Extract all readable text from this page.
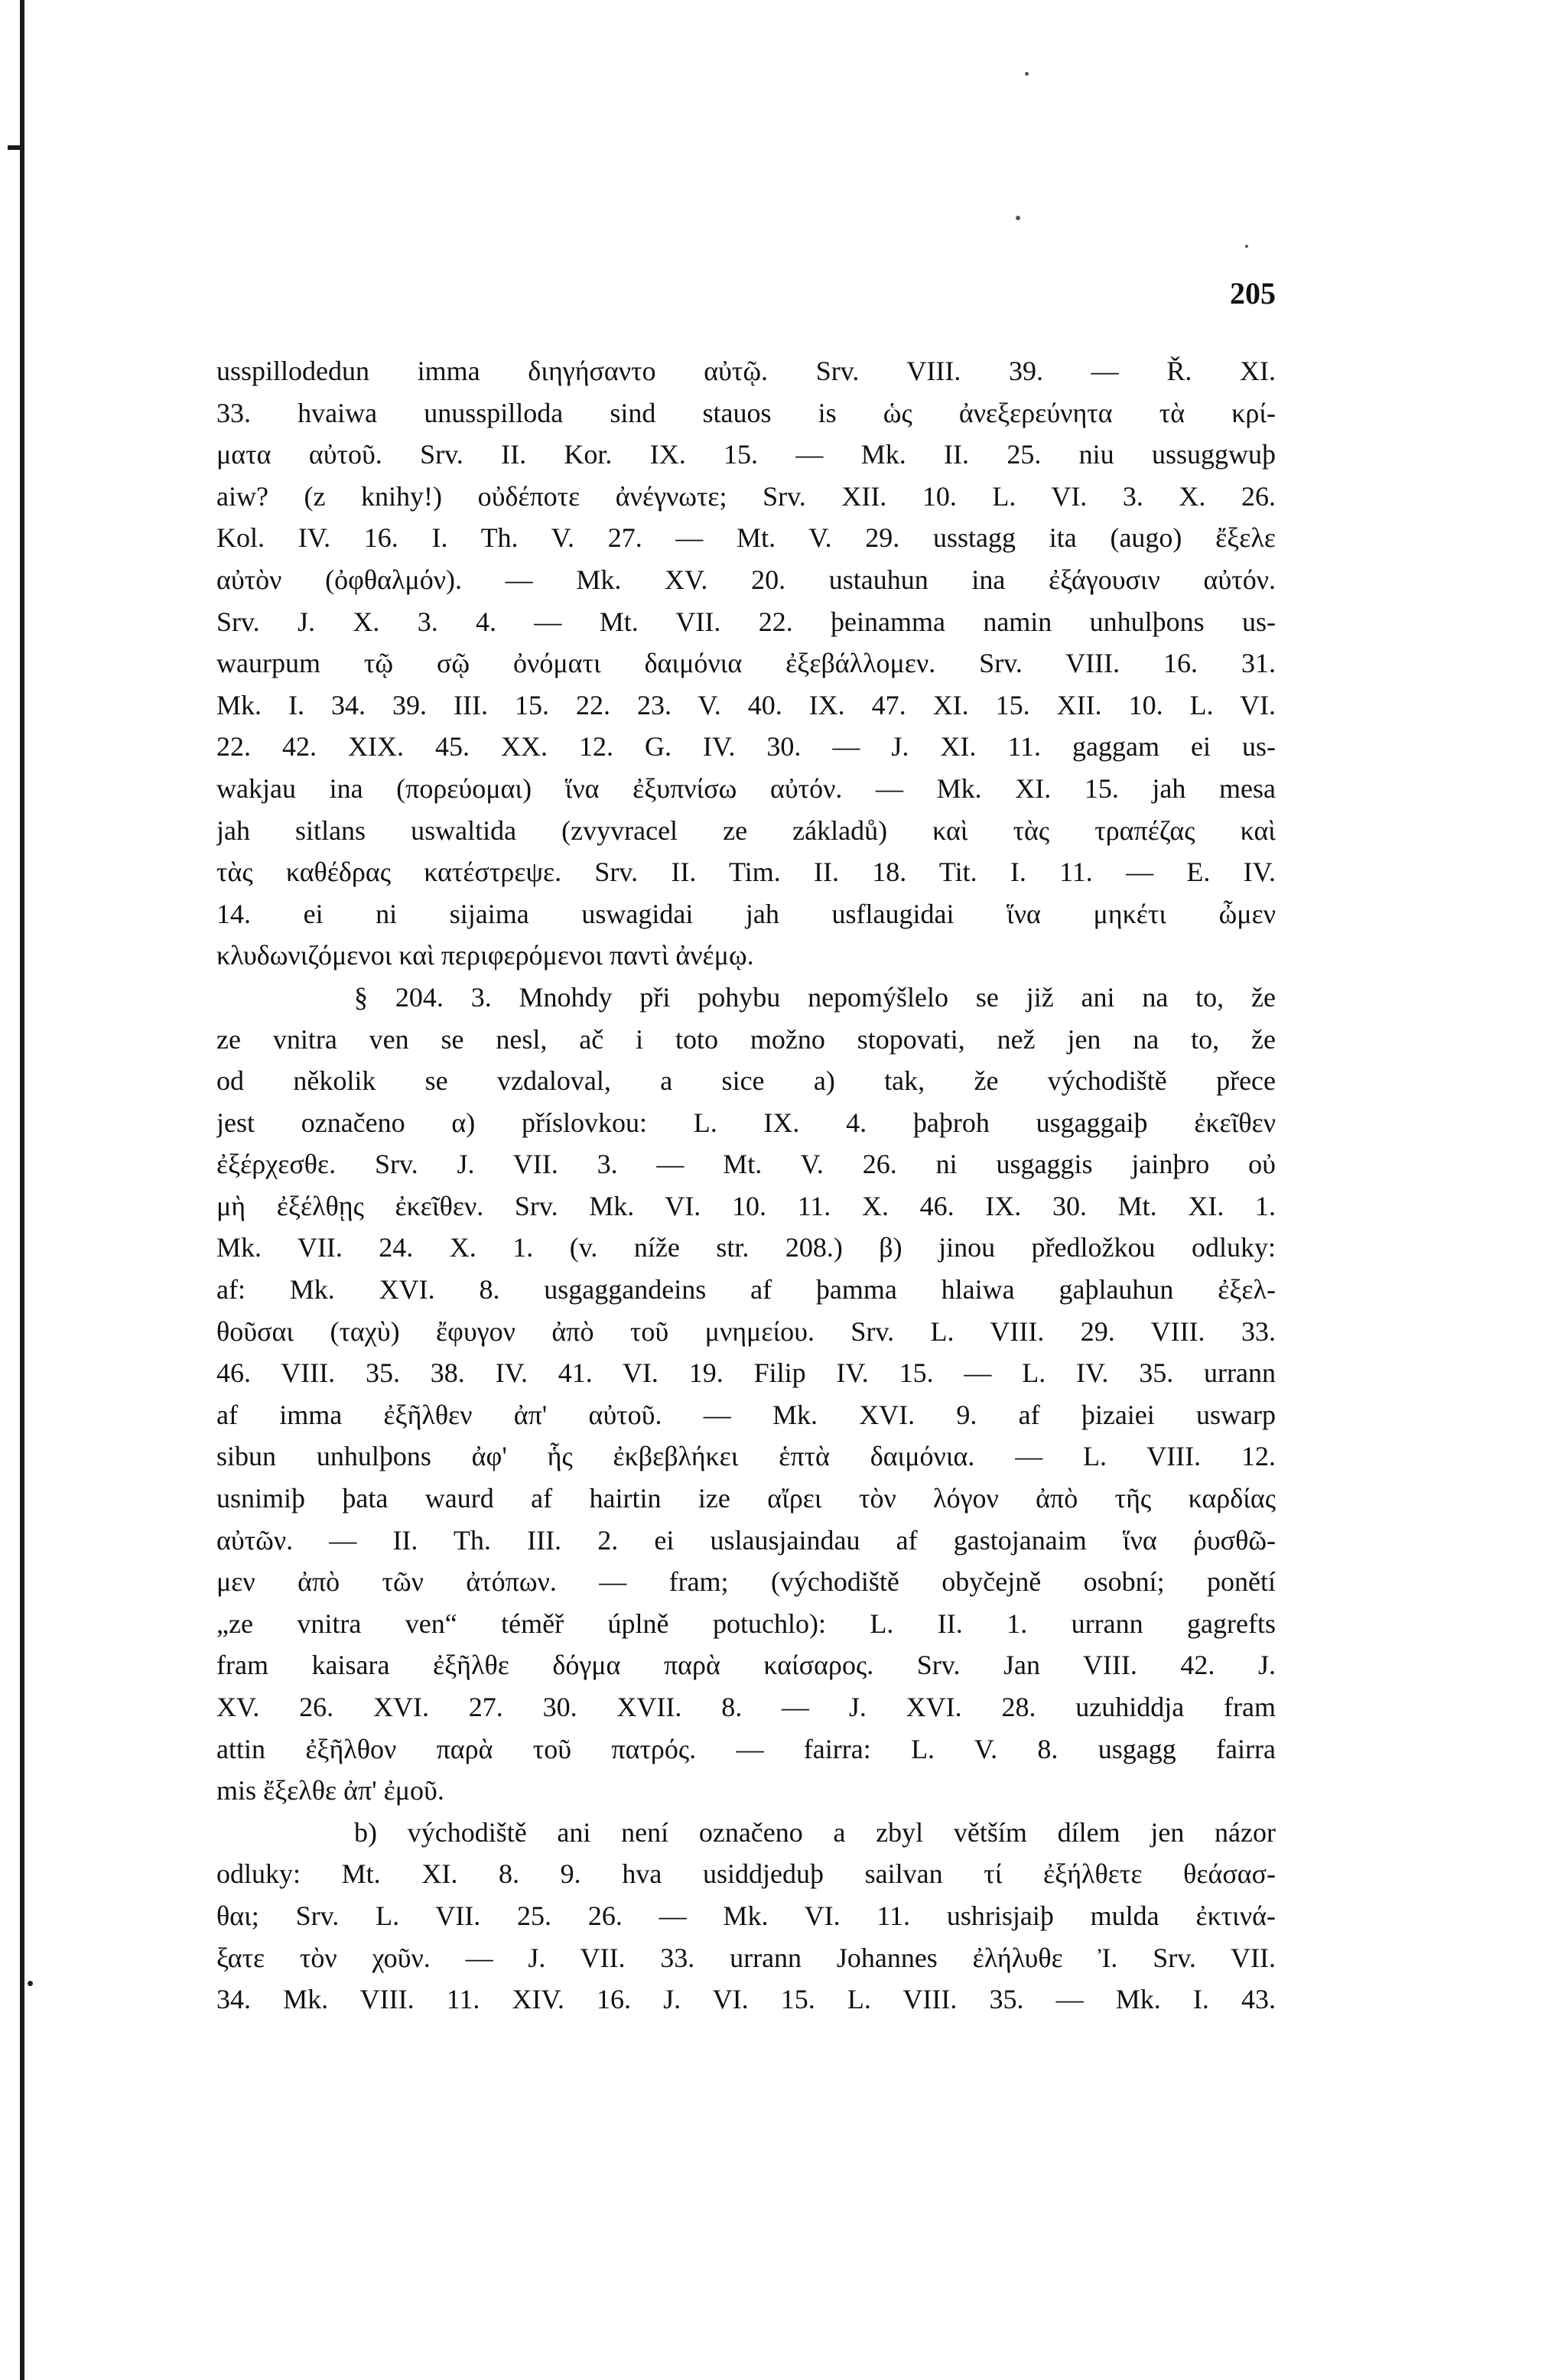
205
usspillodedun imma διηγήσαντο αὐτῷ. Srv. VIII. 39. — Ř. XI.
33. hvaiwa unusspilloda sind stauos is ὡς ἀνεξερεύνητα τὰ κρί-
ματα αὐτοῦ. Srv. II. Kor. IX. 15. — Mk. II. 25. niu ussuggwuþ
aiw? (z knihy!) οὐδέποτε ἀνέγνωτε; Srv. XII. 10. L. VI. 3. X. 26.
Kol. IV. 16. I. Th. V. 27. — Mt. V. 29. usstagg ita (augo) ἔξελε
αὐτὸν (ὀφθαλμόν). — Mk. XV. 20. ustauhun ina ἐξάγουσιν αὐτόν.
Srv. J. X. 3. 4. — Mt. VII. 22. þeinamma namin unhulþons us-
waurpum τῷ σῷ ὀνόματι δαιμόνια ἐξεβάλλομεν. Srv. VIII. 16. 31.
Mk. I. 34. 39. III. 15. 22. 23. V. 40. IX. 47. XI. 15. XII. 10. L. VI.
22. 42. XIX. 45. XX. 12. G. IV. 30. — J. XI. 11. gaggam ei us-
wakjau ina (πορεύομαι) ἵνα ἐξυπνίσω αὐτόν. — Mk. XI. 15. jah mesa
jah sitlans uswaltida (zvyvracel ze základů) καὶ τὰς τραπέζας καὶ
τὰς καθέδρας κατέστρεψε. Srv. II. Tim. II. 18. Tit. I. 11. — E. IV.
14. ei ni sijaima uswagidai jah usflaugidai ἵνα μηκέτι ὦμεν
κλυδωνιζόμενοι καὶ περιφερόμενοι παντὶ ἀνέμῳ.
§ 204. 3. Mnohdy při pohybu nepomýšlelo se již ani na to, že
ze vnitra ven se nesl, ač i toto možno stopovati, než jen na to, že
od několik se vzdaloval, a sice a) tak, že východiště přece
jest označeno α) příslovkou: L. IX. 4. þaþroh usgaggaiþ ἐκεῖθεν
ἐξέρχεσθε. Srv. J. VII. 3. — Mt. V. 26. ni usgaggis jainþro οὐ
μὴ ἐξέλθῃς ἐκεῖθεν. Srv. Mk. VI. 10. 11. X. 46. IX. 30. Mt. XI. 1.
Mk. VII. 24. X. 1. (v. níže str. 208.) β) jinou předložkou odluky:
af: Mk. XVI. 8. usgaggandeins af þamma hlaiwa gaþlauhun ἐξελ-
θοῦσαι (ταχὺ) ἔφυγον ἀπὸ τοῦ μνημείου. Srv. L. VIII. 29. VIII. 33.
46. VIII. 35. 38. IV. 41. VI. 19. Filip IV. 15. — L. IV. 35. urrann
af imma ἐξῆλθεν ἀπ' αὐτοῦ. — Mk. XVI. 9. af þizaiei uswarp
sibun unhulþons ἀφ' ἧς ἐκβεβλήκει ἑπτὰ δαιμόνια. — L. VIII. 12.
usnimiþ þata waurd af hairtin ize αἴρει τὸν λόγον ἀπὸ τῆς καρδίας
αὐτῶν. — II. Th. III. 2. ei uslausjaindau af gastojanaim ἵνα ῥυσθῶ-
μεν ἀπὸ τῶν ἀτόπων. — fram; (východiště obyčejně osobní; ponětí
„ze vnitra ven“ téměř úplně potuchlo): L. II. 1. urrann gagrefts
fram kaisara ἐξῆλθε δόγμα παρὰ καίσαρος. Srv. Jan VIII. 42. J.
XV. 26. XVI. 27. 30. XVII. 8. — J. XVI. 28. uzuhiddja fram
attin ἐξῆλθον παρὰ τοῦ πατρός. — fairra: L. V. 8. usgagg fairra
mis ἔξελθε ἀπ' ἐμοῦ.
b) východiště ani není označeno a zbyl větším dílem jen názor
odluky: Mt. XI. 8. 9. hva usiddjeduþ sailvan τί ἐξήλθετε θεάσασ-
θαι; Srv. L. VII. 25. 26. — Mk. VI. 11. ushrisjaiþ mulda ἐκτινά-
ξατε τὸν χοῦν. — J. VII. 33. urrann Johannes ἐλήλυθε Ἰ. Srv. VII.
34. Mk. VIII. 11. XIV. 16. J. VI. 15. L. VIII. 35. — Mk. I. 43.
